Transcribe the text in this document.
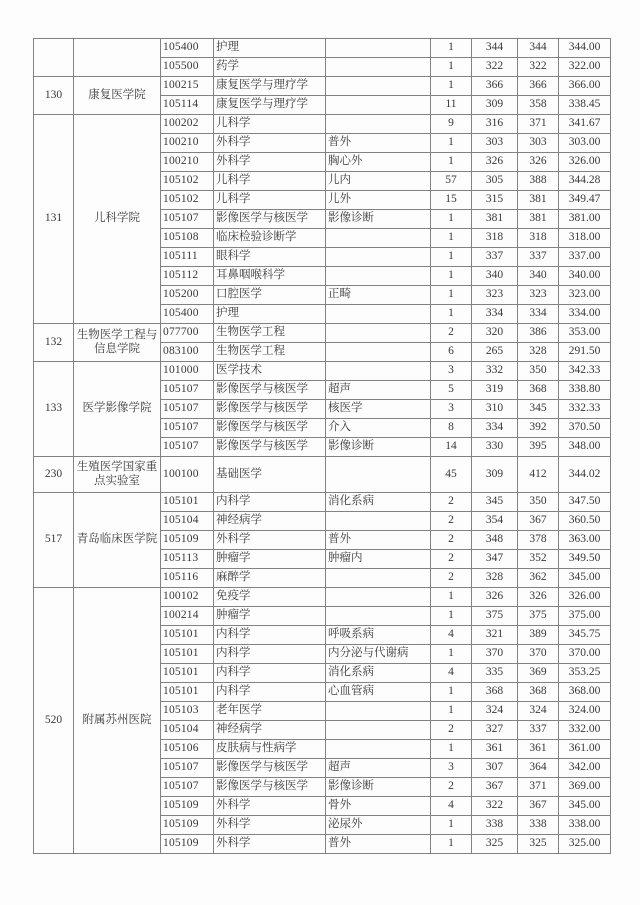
		105400	护理		1	344	344	344.00
		105500	药学		1	322	322	322.00
130	康复医学院	100215	康复医学与理疗学		1	366	366	366.00
		105114	康复医学与理疗学		11	309	358	338.45
131	儿科学院	100202	儿科学		9	316	371	341.67
		100210	外科学	普外	1	303	303	303.00
		100210	外科学	胸心外	1	326	326	326.00
		105102	儿科学	儿内	57	305	388	344.28
		105102	儿科学	儿外	15	315	381	349.47
		105107	影像医学与核医学	影像诊断	1	381	381	381.00
		105108	临床检验诊断学		1	318	318	318.00
		105111	眼科学		1	337	337	337.00
		105112	耳鼻咽喉科学		1	340	340	340.00
		105200	口腔医学	正畸	1	323	323	323.00
		105400	护理		1	334	334	334.00
132	生物医学工程与信息学院	077700	生物医学工程		2	320	386	353.00
		083100	生物医学工程		6	265	328	291.50
133	医学影像学院	101000	医学技术		3	332	350	342.33
		105107	影像医学与核医学	超声	5	319	368	338.80
		105107	影像医学与核医学	核医学	3	310	345	332.33
		105107	影像医学与核医学	介入	8	334	392	370.50
		105107	影像医学与核医学	影像诊断	14	330	395	348.00
230	生殖医学国家重点实验室	100100	基础医学		45	309	412	344.02
517	青岛临床医学院	105101	内科学	消化系病	2	345	350	347.50
		105104	神经病学		2	354	367	360.50
		105109	外科学	普外	2	348	378	363.00
		105113	肿瘤学	肿瘤内	2	347	352	349.50
		105116	麻醉学		2	328	362	345.00
520	附属苏州医院	100102	免疫学		1	326	326	326.00
		100214	肿瘤学		1	375	375	375.00
		105101	内科学	呼吸系病	4	321	389	345.75
		105101	内科学	内分泌与代谢病	1	370	370	370.00
		105101	内科学	消化系病	4	335	369	353.25
		105101	内科学	心血管病	1	368	368	368.00
		105103	老年医学		1	324	324	324.00
		105104	神经病学		2	327	337	332.00
		105106	皮肤病与性病学		1	361	361	361.00
		105107	影像医学与核医学	超声	3	307	364	342.00
		105107	影像医学与核医学	影像诊断	2	367	371	369.00
		105109	外科学	骨外	4	322	367	345.00
		105109	外科学	泌尿外	1	338	338	338.00
		105109	外科学	普外	1	325	325	325.00
